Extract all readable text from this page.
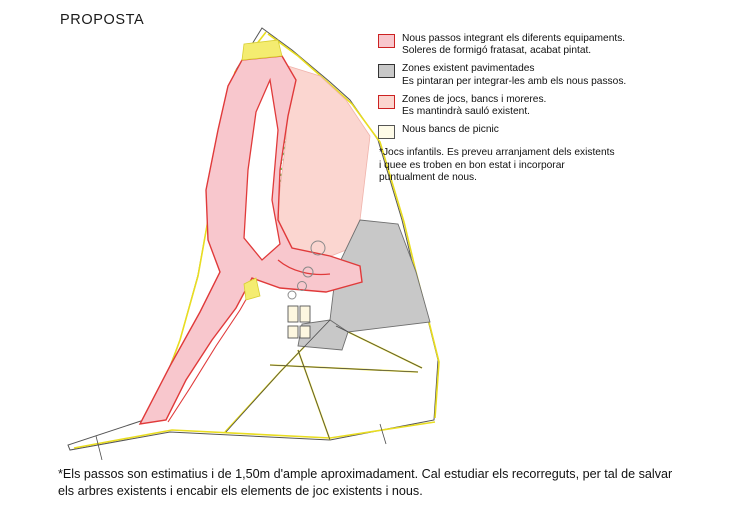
PROPOSTA
Nous passos integrant els diferents equipaments.
Soleres de formigó fratasat, acabat pintat.
Zones existent pavimentades
Es pintaran per integrar-les amb els nous passos.
Zones de jocs, bancs i moreres.
Es mantindrà sauló existent.
Nous bancs de picnic
*Jocs infantils. Es preveu arranjament dels existents i quee es troben en bon estat i incorporar puntualment de nous.
*Els passos son estimatius i de 1,50m d'ample aproximadament. Cal estudiar els recorreguts, per tal de salvar els arbres existents i encabir els elements de joc existents i nous.
